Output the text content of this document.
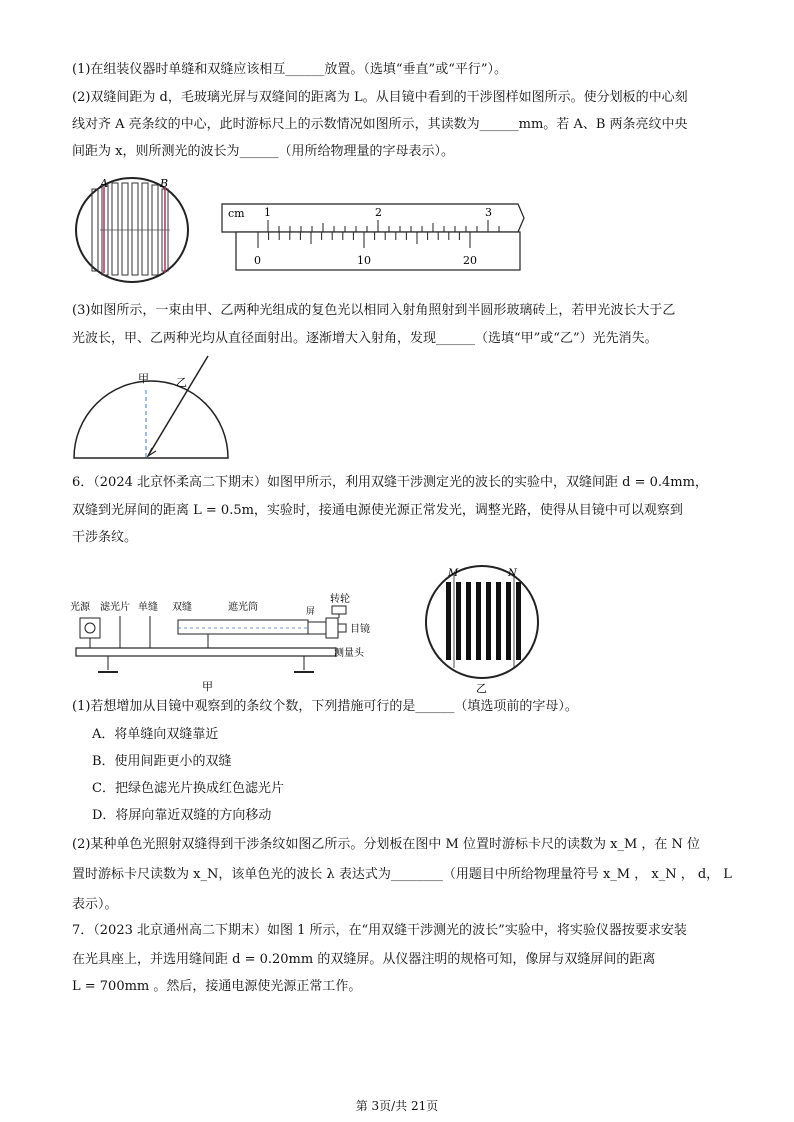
(1)在组装仪器时单缝和双缝应该相互______放置。（选填“垂直”或“平行”）。
(2)双缝间距为 d，毛玻璃光屏与双缝间的距离为 L。从目镜中看到的干涉图样如图所示。使分划板的中心刻
线对齐 A 亮条纹的中心，此时游标尺上的示数情况如图所示，其读数为______mm。若 A、B 两条亮纹中央
间距为 x，则所测光的波长为______（用所给物理量的字母表示）。
A	B
cm 1	2	3
0	10	20
(3)如图所示，一束由甲、乙两种光组成的复色光以相同入射角照射到半圆形玻璃砖上，若甲光波长大于乙
光波长，甲、乙两种光均从直径面射出。逐渐增大入射角，发现______（选填“甲”或“乙”）光先消失。
甲 乙
6．（2024 北京怀柔高二下期末）如图甲所示，利用双缝干涉测定光的波长的实验中，双缝间距 d = 0.4mm，
双缝到光屏间的距离 L = 0.5m，实验时，接通电源使光源正常发光，调整光路，使得从目镜中可以观察到
干涉条纹。
光源 滤光片 单缝 双缝	遮光筒	屏
转轮
目镜
测量头
甲
M	N
乙
(1)若想增加从目镜中观察到的条纹个数，下列措施可行的是______（填选项前的字母）。
A．将单缝向双缝靠近
B．使用间距更小的双缝
C．把绿色滤光片换成红色滤光片
D．将屏向靠近双缝的方向移动
(2)某种单色光照射双缝得到干涉条纹如图乙所示。分划板在图中 M 位置时游标卡尺的读数为 x_M ，在 N 位
置时游标卡尺读数为 x_N，该单色光的波长 λ 表达式为________（用题目中所给物理量符号 x_M ， x_N ， d， L
表示）。
7．（2023 北京通州高二下期末）如图 1 所示，在“用双缝干涉测光的波长”实验中，将实验仪器按要求安装
在光具座上，并选用缝间距 d = 0.20mm 的双缝屏。从仪器注明的规格可知，像屏与双缝屏间的距离
L = 700mm 。然后，接通电源使光源正常工作。
第 3页/共 21页
